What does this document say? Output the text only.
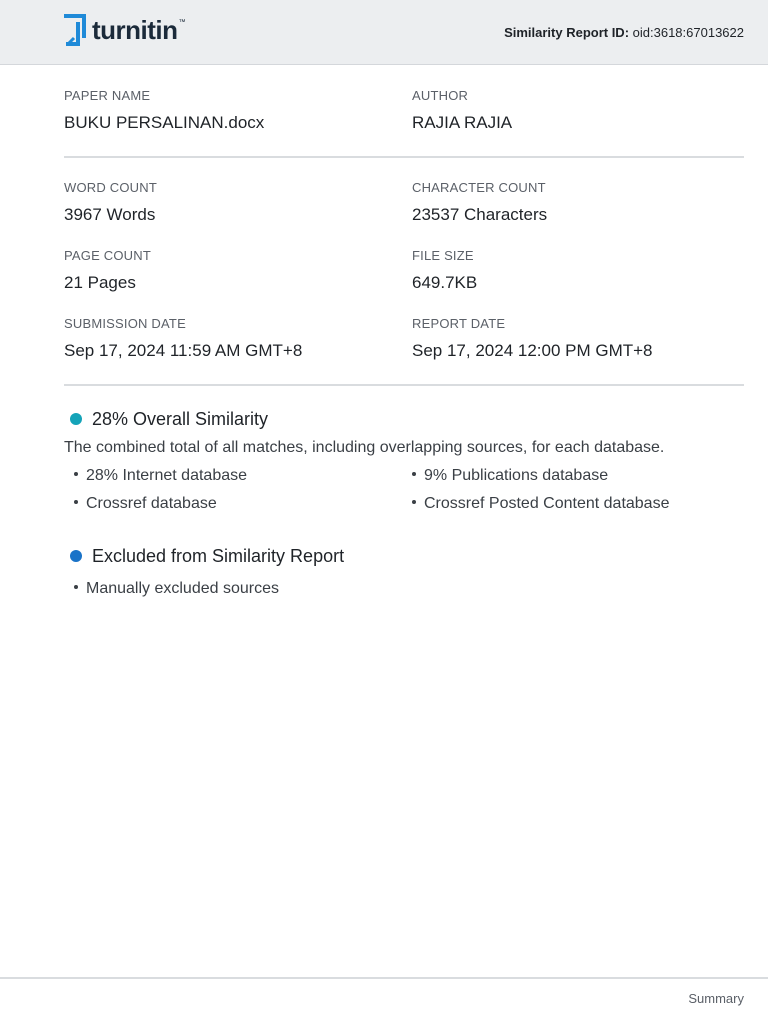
turnitin ™
Similarity Report ID: oid:3618:67013622
PAPER NAME
BUKU PERSALINAN.docx
AUTHOR
RAJIA RAJIA
WORD COUNT
3967 Words
CHARACTER COUNT
23537 Characters
PAGE COUNT
21 Pages
FILE SIZE
649.7KB
SUBMISSION DATE
Sep 17, 2024 11:59 AM GMT+8
REPORT DATE
Sep 17, 2024 12:00 PM GMT+8
28% Overall Similarity
The combined total of all matches, including overlapping sources, for each database.
28% Internet database	9% Publications database
Crossref database	Crossref Posted Content database
Excluded from Similarity Report
Manually excluded sources
Summary
